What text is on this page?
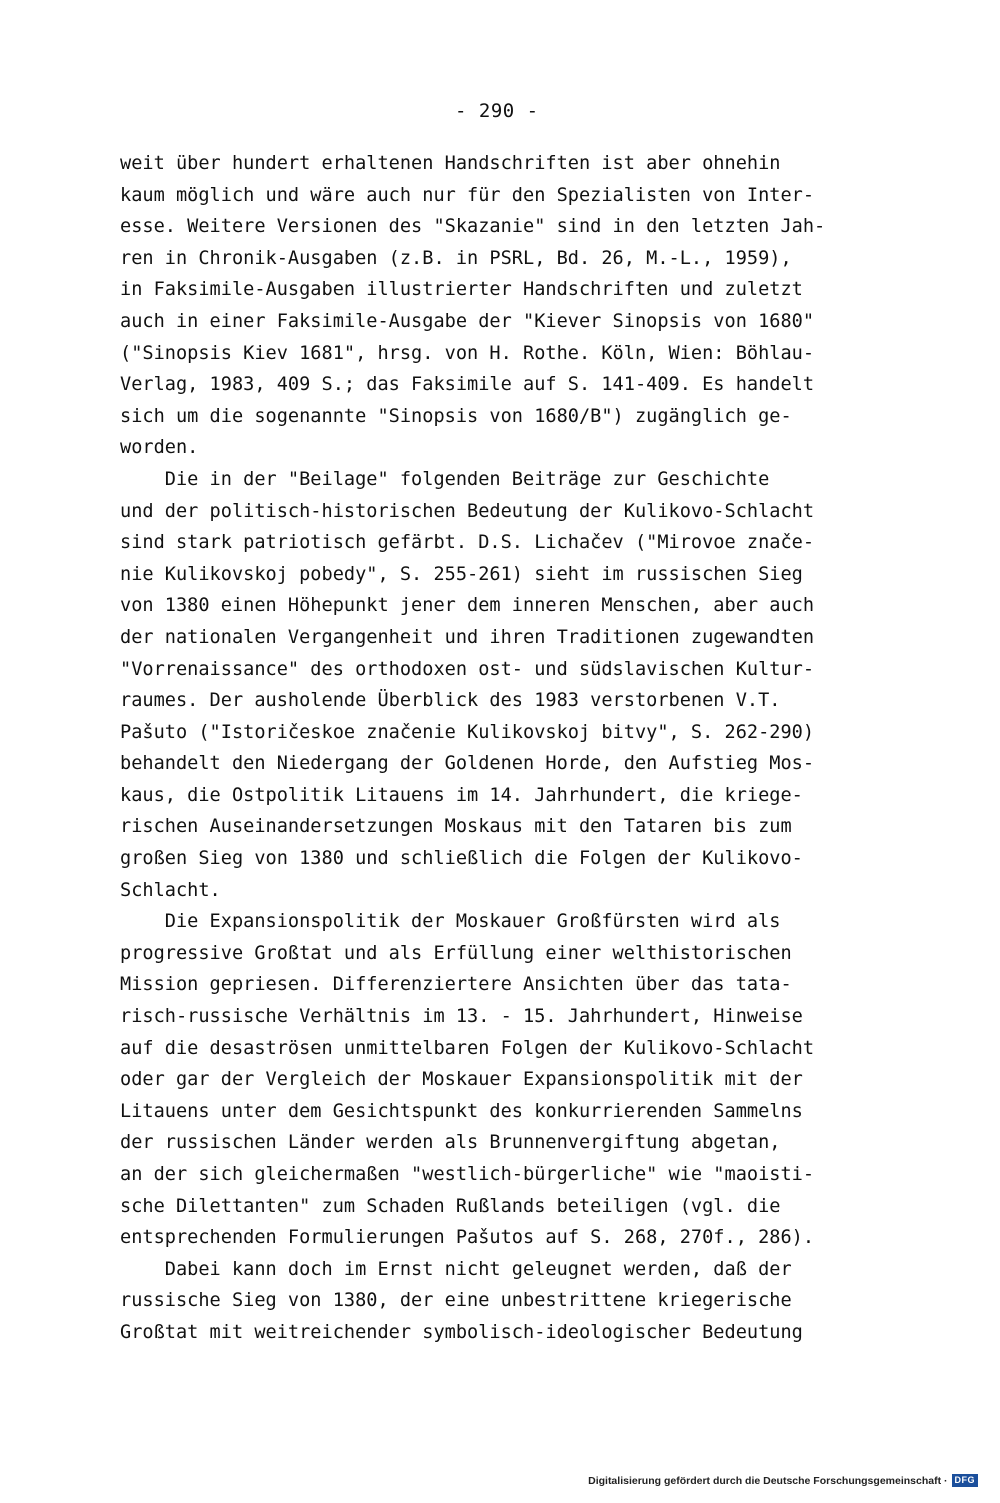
- 290 -
weit über hundert erhaltenen Handschriften ist aber ohnehin
kaum möglich und wäre auch nur für den Spezialisten von Inter-
esse. Weitere Versionen des "Skazanie" sind in den letzten Jah-
ren in Chronik-Ausgaben (z.B. in PSRL, Bd. 26, M.-L., 1959),
in Faksimile-Ausgaben illustrierter Handschriften und zuletzt
auch in einer Faksimile-Ausgabe der "Kiever Sinopsis von 1680"
("Sinopsis Kiev 1681", hrsg. von H. Rothe. Köln, Wien: Böhlau-
Verlag, 1983, 409 S.; das Faksimile auf S. 141-409. Es handelt
sich um die sogenannte "Sinopsis von 1680/B") zugänglich ge-
worden.
Die in der "Beilage" folgenden Beiträge zur Geschichte
und der politisch-historischen Bedeutung der Kulikovo-Schlacht
sind stark patriotisch gefärbt. D.S. Lichačev ("Mirovoe znače-
nie Kulikovskoj pobedy", S. 255-261) sieht im russischen Sieg
von 1380 einen Höhepunkt jener dem inneren Menschen, aber auch
der nationalen Vergangenheit und ihren Traditionen zugewandten
"Vorrenaissance" des orthodoxen ost- und südslavischen Kultur-
raumes. Der ausholende Überblick des 1983 verstorbenen V.T.
Pašuto ("Istoričeskoe značenie Kulikovskoj bitvy", S. 262-290)
behandelt den Niedergang der Goldenen Horde, den Aufstieg Mos-
kaus, die Ostpolitik Litauens im 14. Jahrhundert, die kriege-
rischen Auseinandersetzungen Moskaus mit den Tataren bis zum
großen Sieg von 1380 und schließlich die Folgen der Kulikovo-
Schlacht.
Die Expansionspolitik der Moskauer Großfürsten wird als
progressive Großtat und als Erfüllung einer welthistorischen
Mission gepriesen. Differenziertere Ansichten über das tata-
risch-russische Verhältnis im 13. - 15. Jahrhundert, Hinweise
auf die desaströsen unmittelbaren Folgen der Kulikovo-Schlacht
oder gar der Vergleich der Moskauer Expansionspolitik mit der
Litauens unter dem Gesichtspunkt des konkurrierenden Sammelns
der russischen Länder werden als Brunnenvergiftung abgetan,
an der sich gleichermaßen "westlich-bürgerliche" wie "maoisti-
sche Dilettanten" zum Schaden Rußlands beteiligen (vgl. die
entsprechenden Formulierungen Pašutos auf S. 268, 270f., 286).
Dabei kann doch im Ernst nicht geleugnet werden, daß der
russische Sieg von 1380, der eine unbestrittene kriegerische
Großtat mit weitreichender symbolisch-ideologischer Bedeutung
Digitalisierung gefördert durch die Deutsche Forschungsgemeinschaft · DFG
